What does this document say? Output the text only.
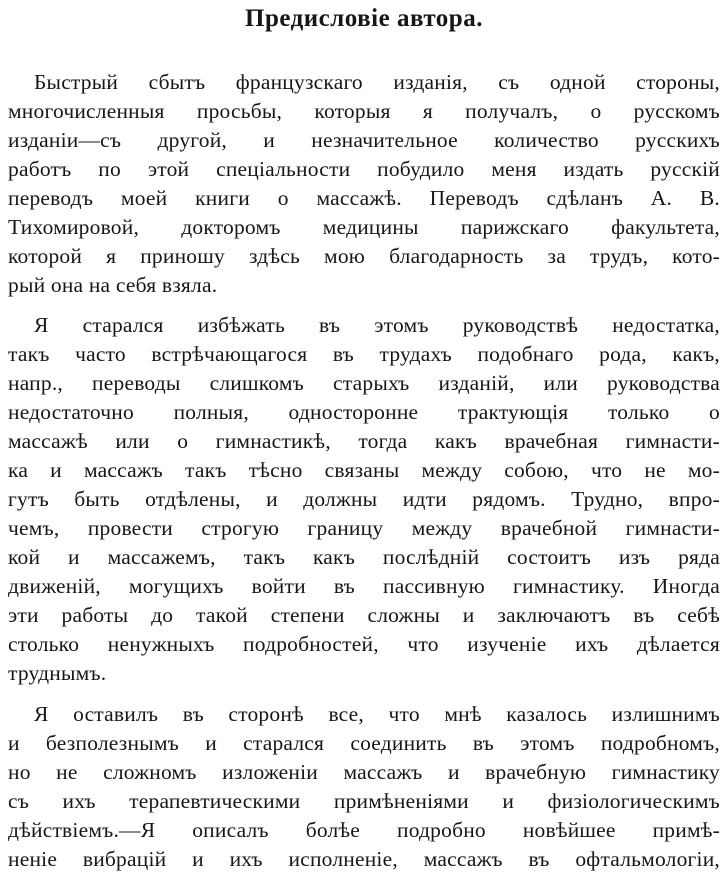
Предисловіе автора.
Быстрый сбытъ французскаго изданія, съ одной стороны,
многочисленныя просьбы, которыя я получалъ, о русскомъ
изданіи—съ другой, и незначительное количество русскихъ
работъ по этой спеціальности побудило меня издать русскій
переводъ моей книги о массажѣ. Переводъ сдѣланъ А. В.
Тихомировой, докторомъ медицины парижскаго факультета,
которой я приношу здѣсь мою благодарность за трудъ, кото-
рый она на себя взяла.
Я старался избѣжать въ этомъ руководствѣ недостатка,
такъ часто встрѣчающагося въ трудахъ подобнаго рода, какъ,
напр., переводы слишкомъ старыхъ изданій, или руководства
недостаточно полныя, односторонне трактующія только о
массажѣ или о гимнастикѣ, тогда какъ врачебная гимнасти-
ка и массажъ такъ тѣсно связаны между собою, что не мо-
гутъ быть отдѣлены, и должны идти рядомъ. Трудно, впро-
чемъ, провести строгую границу между врачебной гимнасти-
кой и массажемъ, такъ какъ послѣдній состоитъ изъ ряда
движеній, могущихъ войти въ пассивную гимнастику. Иногда
эти работы до такой степени сложны и заключаютъ въ себѣ
столько ненужныхъ подробностей, что изученіе ихъ дѣлается
труднымъ.
Я оставилъ въ сторонѣ все, что мнѣ казалось излишнимъ
и безполезнымъ и старался соединить въ этомъ подробномъ,
но не сложномъ изложеніи массажъ и врачебную гимнастику
съ ихъ терапевтическими примѣненіями и физіологическимъ
дѣйствіемъ.—Я описалъ болѣе подробно новѣйшее примѣ-
неніе вибрацій и ихъ исполненіе, массажъ въ офтальмологіи,
